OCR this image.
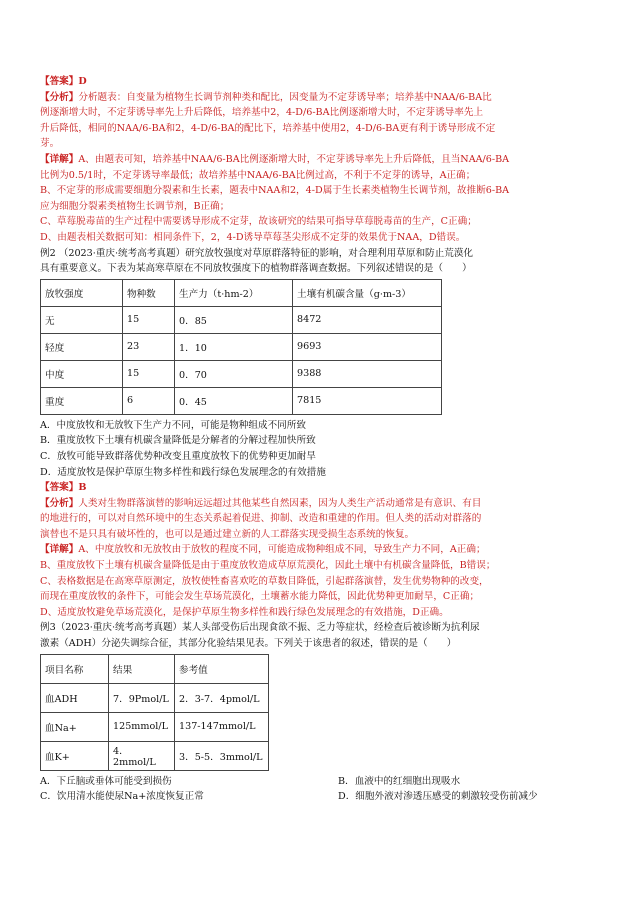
【答案】D

【分析】分析题表：自变量为植物生长调节剂种类和配比，因变量为不定芽诱导率；培养基中NAA/6-BA比

例逐渐增大时，不定芽诱导率先上升后降低，培养基中2，4-D/6-BA比例逐渐增大时，不定芽诱导率先上

升后降低，相同的NAA/6-BA和2，4-D/6-BA的配比下，培养基中使用2，4-D/6-BA更有利于诱导形成不定

芽。

【详解】A、由题表可知，培养基中NAA/6-BA比例逐渐增大时，不定芽诱导率先上升后降低，且当NAA/6-BA

比例为0.5/1时，不定芽诱导率最低；故培养基中NAA/6-BA比例过高，不利于不定芽的诱导，A正确；

B、不定芽的形成需要细胞分裂素和生长素，题表中NAA和2，4-D属于生长素类植物生长调节剂，故推断6-BA

应为细胞分裂素类植物生长调节剂，B正确；

C、草莓脱毒苗的生产过程中需要诱导形成不定芽，故该研究的结果可指导草莓脱毒苗的生产，C正确；

D、由题表相关数据可知：相同条件下，2，4-D诱导草莓茎尖形成不定芽的效果优于NAA，D错误。

例2 （2023·重庆·统考高考真题）研究放牧强度对草原群落特征的影响，对合理利用草原和防止荒漠化

具有重要意义。下表为某高寒草原在不同放牧强度下的植物群落调查数据。下列叙述错误的是（　　）

放牧强度	物种数	生产力（t·hm-2）	土壤有机碳含量（g·m-3）
无	15	0．85	8472
轻度	23	1．10	9693
中度	15	0．70	9388
重度	6	0．45	7815

A．中度放牧和无放牧下生产力不同，可能是物种组成不同所致

B．重度放牧下土壤有机碳含量降低是分解者的分解过程加快所致

C．放牧可能导致群落优势种改变且重度放牧下的优势种更加耐旱

D．适度放牧是保护草原生物多样性和践行绿色发展理念的有效措施

【答案】B

【分析】人类对生物群落演替的影响远远超过其他某些自然因素，因为人类生产活动通常是有意识、有目

的地进行的，可以对自然环境中的生态关系起着促进、抑制、改造和重建的作用。但人类的活动对群落的

演替也不是只具有破坏性的，也可以是通过建立新的人工群落实现受损生态系统的恢复。

【详解】A、中度放牧和无放牧由于放牧的程度不同，可能造成物种组成不同，导致生产力不同，A正确；

B、重度放牧下土壤有机碳含量降低是由于重度放牧造成草原荒漠化，因此土壤中有机碳含量降低，B错误；

C、表格数据是在高寒草原测定，放牧使牲畜喜欢吃的草数目降低，引起群落演替，发生优势物种的改变，

而现在重度放牧的条件下，可能会发生草场荒漠化，土壤蓄水能力降低，因此优势种更加耐旱，C正确；

D、适度放牧避免草场荒漠化，是保护草原生物多样性和践行绿色发展理念的有效措施，D正确。

例3（2023·重庆·统考高考真题）某人头部受伤后出现食欲不振、乏力等症状，经检查后被诊断为抗利尿

激素（ADH）分泌失调综合征，其部分化验结果见表。下列关于该患者的叙述，错误的是（　　）

项目名称	结果	参考值
血ADH	7．9Pmol/L	2．3-7．4pmol/L
血Na+	125mmol/L	137-147mmol/L
血K+	4．2mmol/L	3．5-5．3mmol/L
A．下丘脑或垂体可能受到损伤	B．血液中的红细胞出现吸水
C．饮用清水能使尿Na+浓度恢复正常	D．细胞外液对渗透压感受的刺激较受伤前减少
